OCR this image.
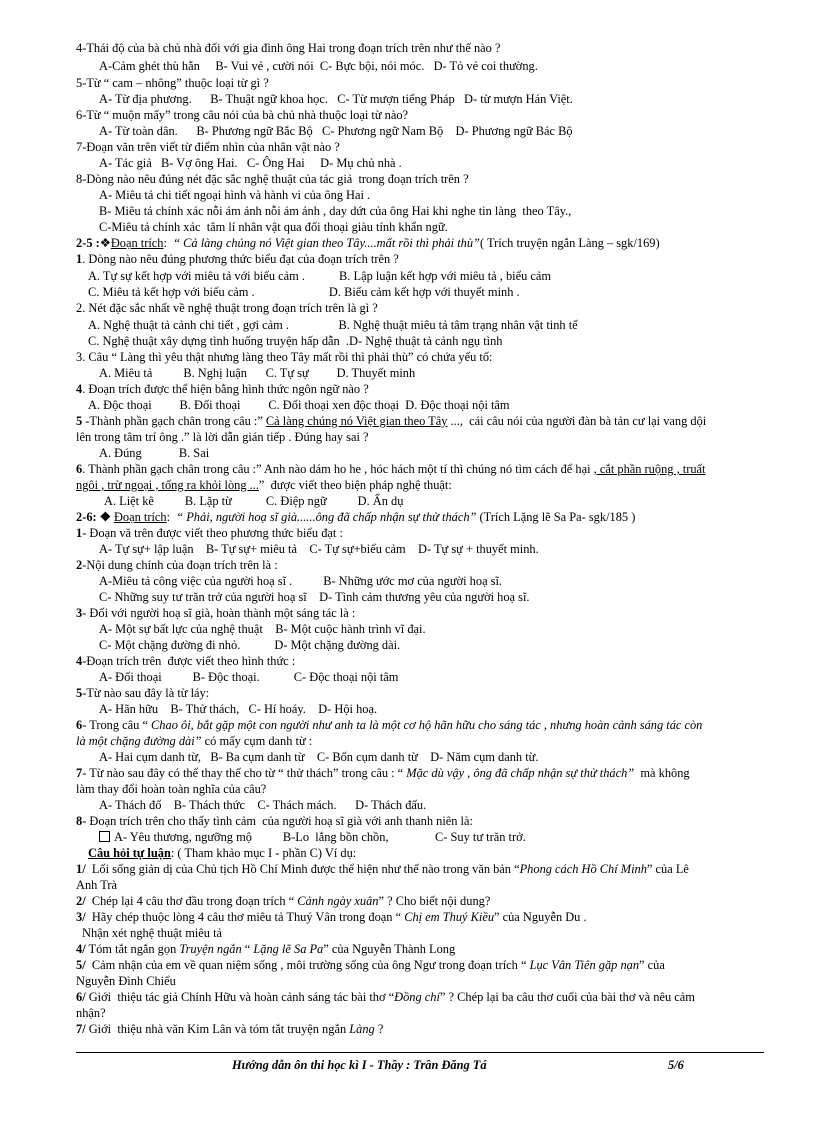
4-Thái độ của bà chủ nhà đối với gia đình ông Hai trong đoạn trích trên như thế nào ?
A-Cảm ghét thù hằn     B- Vui vẻ , cười nói  C- Bực bội, nói móc.   D- Tỏ vẻ coi thường.
5-Từ “ cam – nhông” thuộc loại từ gì ?
A- Từ địa phương.      B- Thuật ngữ khoa học.   C- Từ mượn tiếng Pháp   D- từ mượn Hán Việt.
6-Từ “ muộn mấy” trong câu nói của bà chủ nhà thuộc loại từ nào?
A- Từ toàn dân.      B- Phương ngữ Bắc Bộ   C- Phương ngữ Nam Bộ    D- Phương ngữ Bác Bộ
7-Đoạn văn trên viết từ điểm nhìn của nhân vật nào ?
A- Tác giả   B- Vợ ông Hai.   C- Ông Hai     D- Mụ chủ nhà .
8-Dòng nào nêu đúng nét đặc sắc nghệ thuật của tác giả  trong đoạn trích trên ?
A- Miêu tả chi tiết ngoại hình và hành vi của ông Hai .
B- Miêu tả chính xác nỗi ám ảnh nỗi ám ảnh , day dứt của ông Hai khi nghe tin làng  theo Tây.,
C-Miêu tả chính xác  tâm lí nhân vật qua đối thoại giàu tính khẩn ngữ.
2-5 :❖Đoạn trích:  “ Cả làng chúng nó Việt gian theo Tây....mất rồi thì phải thù”( Trích truyện ngắn Làng – sgk/169)
1. Dòng nào nêu đúng phương thức biểu đạt của đoạn trích trên ?
A. Tự sự kết hợp với miêu tả với biểu cảm .           B. Lập luận kết hợp với miêu tả , biểu cảm
C. Miêu tả kết hợp với biểu cảm .                        D. Biểu cảm kết hợp với thuyết minh .
2. Nét đặc sắc nhất về nghệ thuật trong đoạn trích trên là gì ?
A. Nghệ thuật tả cảnh chi tiết , gợi cảm .                B. Nghệ thuật miêu tả tâm trạng nhân vật tinh tế
C. Nghệ thuật xây dựng tình huống truyện hấp dẫn  .D- Nghệ thuật tả cảnh ngụ tình
3. Câu “ Làng thì yêu thật nhưng làng theo Tây mất rồi thì phải thù” có chứa yếu tố:
A. Miêu tả          B. Nghị luận      C. Tự sự         D. Thuyết minh
4. Đoạn trích được thể hiện bằng hình thức ngôn ngữ nào ?
A. Độc thoại         B. Đối thoại         C. Đối thoại xen độc thoại  D. Độc thoại nội tâm
5 -Thành phần gạch chân trong câu :” Cả làng chúng nó Việt gian theo Tây ...,  cái câu nói của người đàn bà tản cư lại vang dội
lên trong tâm trí ông .” là lời dẫn gián tiếp . Đúng hay sai ?
A. Đúng            B. Sai
6. Thành phần gạch chân trong câu :” Anh nào dám ho he , hóc hách một tí thì chúng nó tìm cách để hại , cắt phần ruộng , truất
ngôi , trừ ngoại , tống ra khỏi lòng ...”  được viết theo biện pháp nghệ thuật:
A. Liệt kê          B. Lặp từ           C. Điệp ngữ          D. Ẩn dụ
2-6: ❖ Đoạn trích:  “ Phải, người hoạ sĩ già......ông đã chấp nhận sự thử thách” (Trích Lặng lẽ Sa Pa- sgk/185 )
1- Đoạn vă trên được viết theo phương thức biểu đạt :
A- Tự sự+ lập luận    B- Tự sự+ miêu tả    C- Tự sự+biểu cảm    D- Tự sự + thuyết minh.
2-Nội dung chính của đoạn trích trên là :
A-Miêu tả công việc của người hoạ sĩ .          B- Những ước mơ của người hoạ sĩ.
C- Những suy tư trăn trở của người hoạ sĩ    D- Tình cảm thương yêu của người hoạ sĩ.
3- Đối với người hoạ sĩ già, hoàn thành một sáng tác là :
A- Một sự bất lực của nghệ thuật    B- Một cuộc hành trình vĩ đại.
C- Một chặng đường đi nhỏ.           D- Một chặng đường dài.
4-Đoạn trích trên  được viết theo hình thức :
A- Đối thoại          B- Độc thoại.           C- Độc thoại nội tâm
5-Từ nào sau đây là từ láy:
A- Hãn hữu    B- Thử thách,   C- Hí hoáy.    D- Hội hoạ.
6- Trong câu “ Chao ôi, bắt gặp một con người như anh ta là một cơ hộ hãn hữu cho sáng tác , nhưng hoàn cảnh sáng tác còn
là một chặng đường dài” có mấy cụm danh từ :
A- Hai cụm danh từ,   B- Ba cụm danh từ    C- Bốn cụm danh từ    D- Năm cụm danh từ.
7- Từ nào sau đây có thể thay thế cho từ “ thử thách” trong câu : “ Mặc dù vậy , ông đã chấp nhận sự thử thách”  mà không
làm thay đổi hoàn toàn nghĩa của câu?
A- Thách đố    B- Thách thức    C- Thách mách.      D- Thách đấu.
8- Đoạn trích trên cho thấy tình cảm  của người hoạ sĩ già với anh thanh niên là:
A- Yêu thương, ngưỡng mộ          B-Lo  lắng bồn chồn,               C- Suy tư trăn trở.
Câu hỏi tự luận: ( Tham khảo mục I - phần C) Ví dụ:
1/  Lối sống giản dị của Chủ tịch Hồ Chí Minh được thể hiện như thế nào trong văn bản “Phong cách Hồ Chí Minh” của Lê
Anh Trà
2/  Chép lại 4 câu thơ đầu trong đoạn trích “ Cảnh ngày xuân” ? Cho biết nội dung?
3/  Hãy chép thuộc lòng 4 câu thơ miêu tả Thuý Vân trong đoạn “ Chị em Thuý Kiều” của Nguyễn Du .
Nhận xét nghệ thuật miêu tả
4/ Tóm tắt ngắn gọn Truyện ngắn “ Lặng lẽ Sa Pa” của Nguyễn Thành Long
5/  Cảm nhận của em về quan niệm sống , môi trường sống của ông Ngư trong đoạn trích “ Lục Vân Tiên gặp nạn” của
Nguyễn Đình Chiểu
6/ Giới  thiệu tác giả Chính Hữu và hoàn cảnh sáng tác bài thơ “Đồng chí” ? Chép lại ba câu thơ cuối của bài thơ và nêu cảm
nhận?
7/ Giới  thiệu nhà văn Kim Lân và tóm tắt truyện ngắn Làng ?
Hướng dẫn ôn thi học kì I - Thầy : Trần Đăng Tá	5/6
